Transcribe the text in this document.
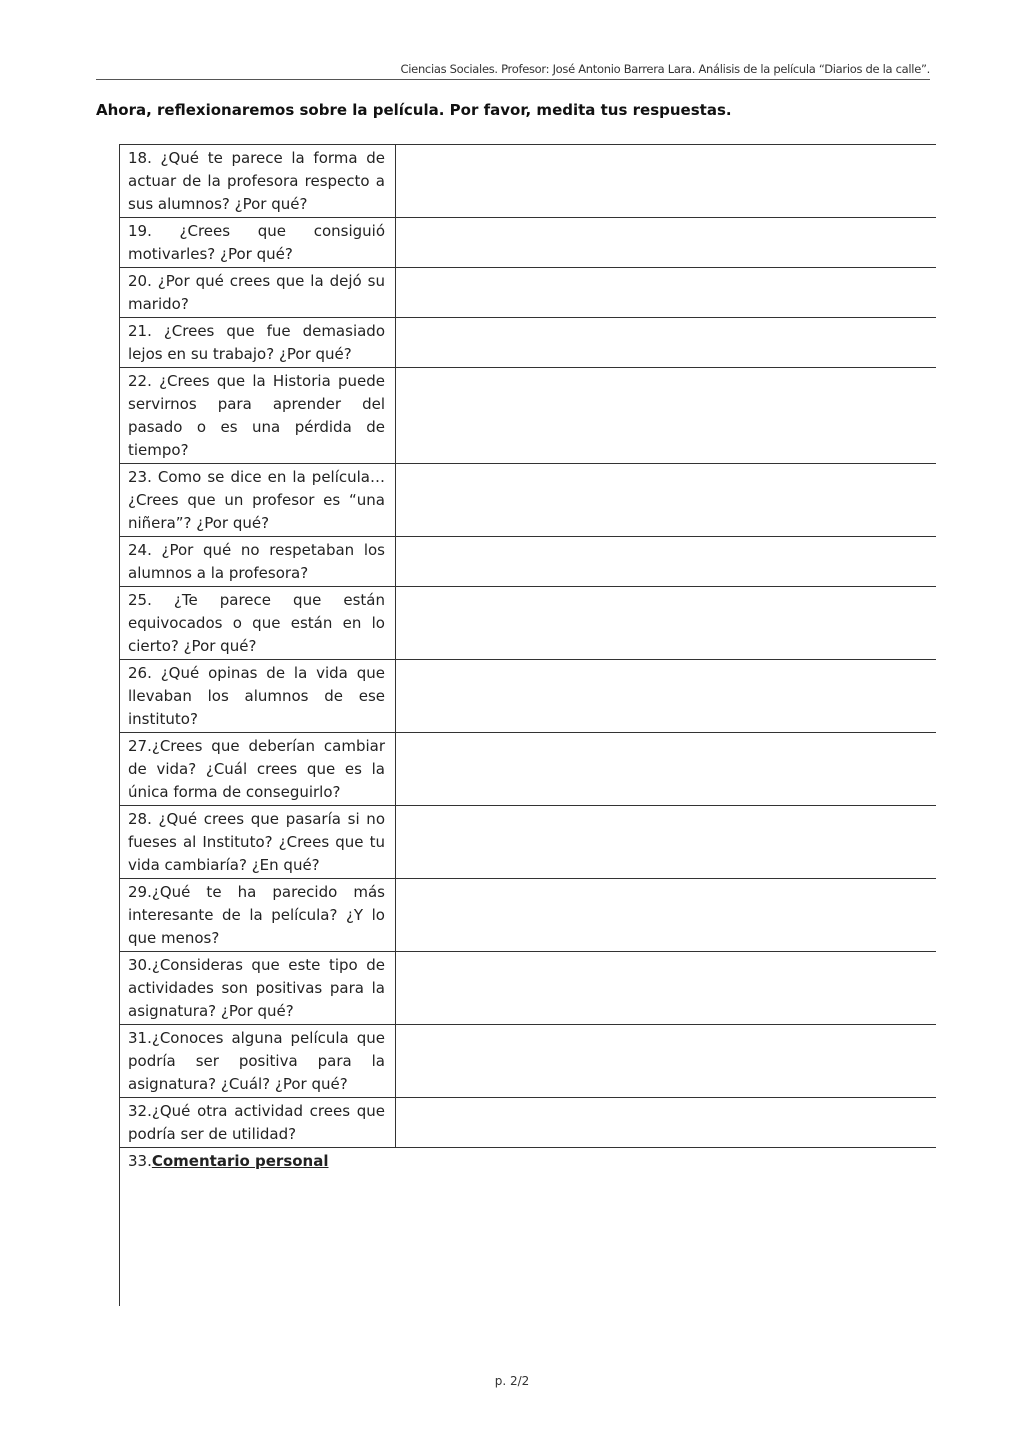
Ciencias Sociales. Profesor: José Antonio Barrera Lara. Análisis de la película “Diarios de la calle”.
Ahora, reflexionaremos sobre la película. Por favor, medita tus respuestas.
18. ¿Qué te parece la forma de actuar de la profesora respecto a sus alumnos? ¿Por qué?	
19. ¿Crees que consiguió motivarles? ¿Por qué?	
20. ¿Por qué crees que la dejó su marido?	
21. ¿Crees que fue demasiado lejos en su trabajo? ¿Por qué?	
22. ¿Crees que la Historia puede servirnos para aprender del pasado o es una pérdida de tiempo?	
23. Como se dice en la película… ¿Crees que un profesor es “una niñera”? ¿Por qué?	
24. ¿Por qué no respetaban los alumnos a la profesora?	
25. ¿Te parece que están equivocados o que están en lo cierto? ¿Por qué?	
26. ¿Qué opinas de la vida que llevaban los alumnos de ese instituto?	
27.¿Crees que deberían cambiar de vida? ¿Cuál crees que es la única forma de conseguirlo?	
28. ¿Qué crees que pasaría si no fueses al Instituto? ¿Crees que tu vida cambiaría? ¿En qué?	
29.¿Qué te ha parecido más interesante de la película? ¿Y lo que menos?	
30.¿Consideras que este tipo de actividades son positivas para la asignatura? ¿Por qué?	
31.¿Conoces alguna película que podría ser positiva para la asignatura? ¿Cuál? ¿Por qué?	
32.¿Qué otra actividad crees que podría ser de utilidad?	
33.Comentario personal	
p. 2/2
